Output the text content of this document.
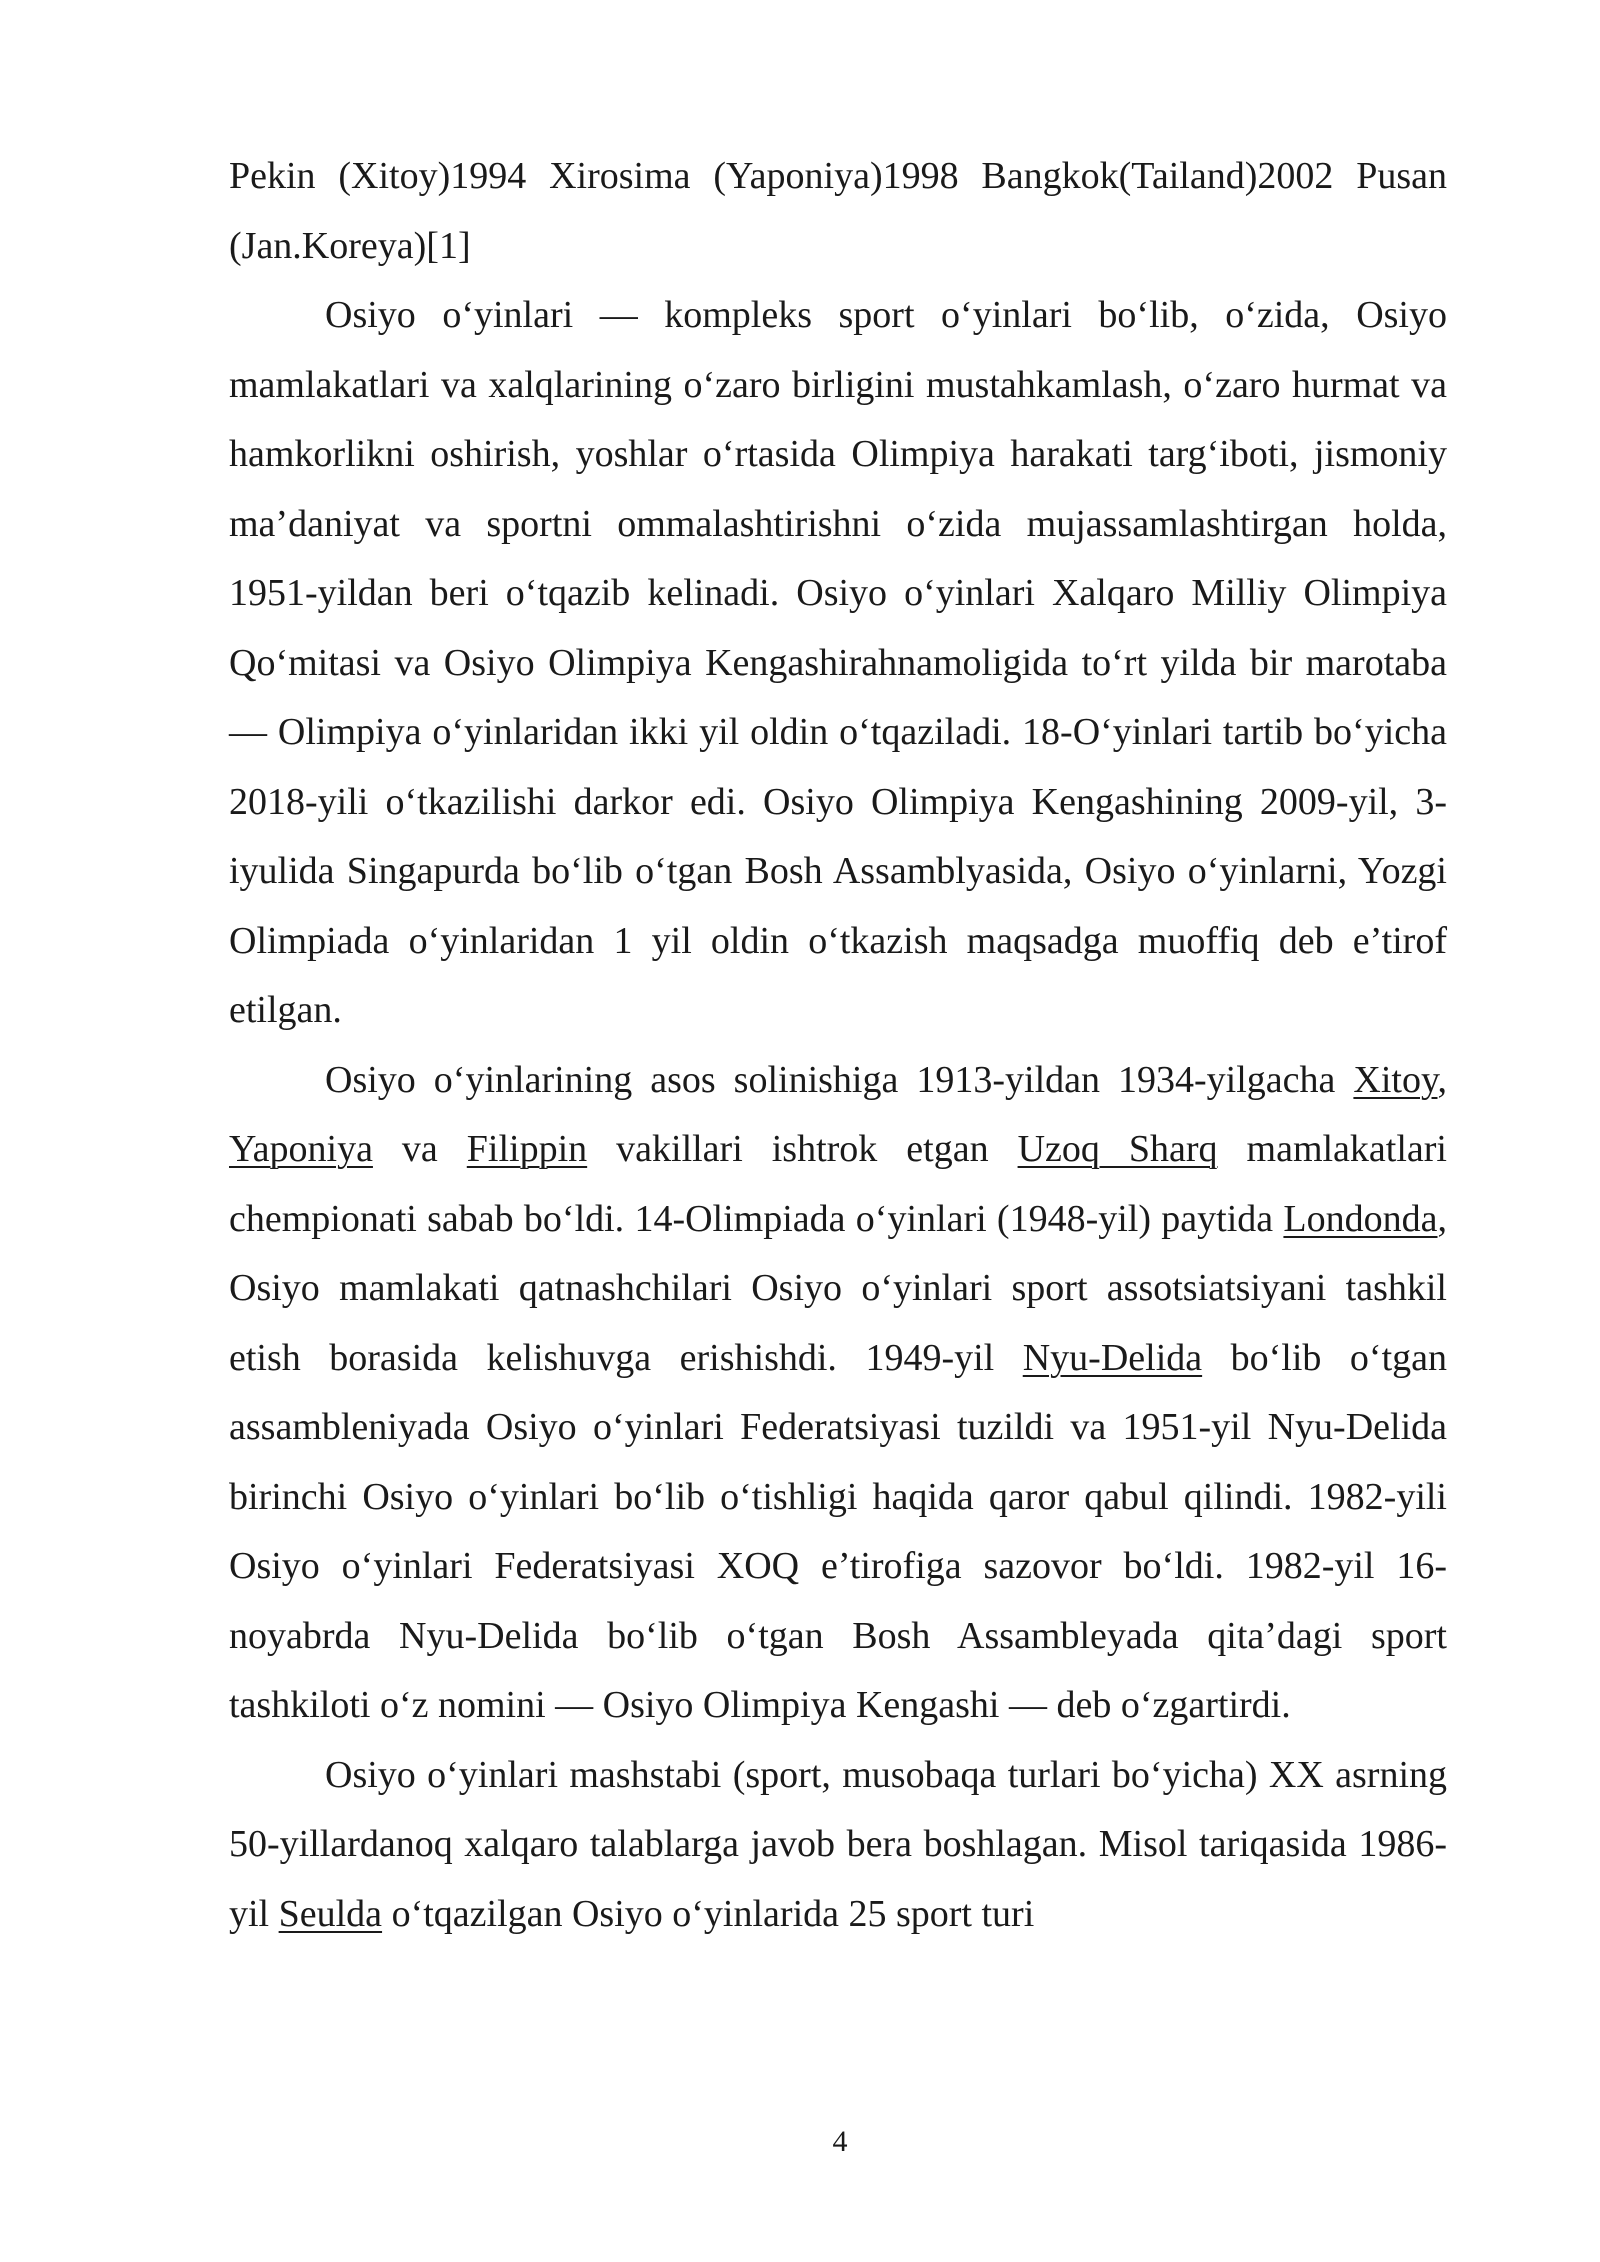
Pekin (Xitoy)1994 Xirosima (Yaponiya)1998 Bangkok(Tailand)2002 Pusan (Jan.Koreya)[1]

Osiyo o‘yinlari — kompleks sport o‘yinlari bo‘lib, o‘zida, Osiyo mamlakatlari va xalqlarining o‘zaro birligini mustahkamlash, o‘zaro hurmat va hamkorlikni oshirish, yoshlar o‘rtasida Olimpiya harakati targ‘iboti, jismoniy ma’daniyat va sportni ommalashtirishni o‘zida mujassamlashtirgan holda, 1951-yildan beri o‘tqazib kelinadi. Osiyo o‘yinlari Xalqaro Milliy Olimpiya Qo‘mitasi va Osiyo Olimpiya Kengashirahnamoligida to‘rt yilda bir marotaba — Olimpiya o‘yinlaridan ikki yil oldin o‘tqaziladi. 18-O‘yinlari tartib bo‘yicha 2018-yili o‘tkazilishi darkor edi. Osiyo Olimpiya Kengashining 2009-yil, 3-iyulida Singapurda bo‘lib o‘tgan Bosh Assamblyasida, Osiyo o‘yinlarni, Yozgi Olimpiada o‘yinlaridan 1 yil oldin o‘tkazish maqsadga muoffiq deb e’tirof etilgan.

Osiyo o‘yinlarining asos solinishiga 1913-yildan 1934-yilgacha Xitoy, Yaponiya va Filippin vakillari ishtrok etgan Uzoq Sharq mamlakatlari chempionati sabab bo‘ldi. 14-Olimpiada o‘yinlari (1948-yil) paytida Londonda, Osiyo mamlakati qatnashchilari Osiyo o‘yinlari sport assotsiatsiyani tashkil etish borasida kelishuvga erishishdi. 1949-yil Nyu-Delida bo‘lib o‘tgan assambleniyada Osiyo o‘yinlari Federatsiyasi tuzildi va 1951-yil Nyu-Delida birinchi Osiyo o‘yinlari bo‘lib o‘tishligi haqida qaror qabul qilindi. 1982-yili Osiyo o‘yinlari Federatsiyasi XOQ e’tirofiga sazovor bo‘ldi. 1982-yil 16-noyabrda Nyu-Delida bo‘lib o‘tgan Bosh Assambleyada qita’dagi sport tashkiloti o‘z nomini — Osiyo Olimpiya Kengashi — deb o‘zgartirdi.

Osiyo o‘yinlari mashstabi (sport, musobaqa turlari bo‘yicha) XX asrning 50-yillardanoq xalqaro talablarga javob bera boshlagan. Misol tariqasida 1986-yil Seulda o‘tqazilgan Osiyo o‘yinlarida 25 sport turi

4
